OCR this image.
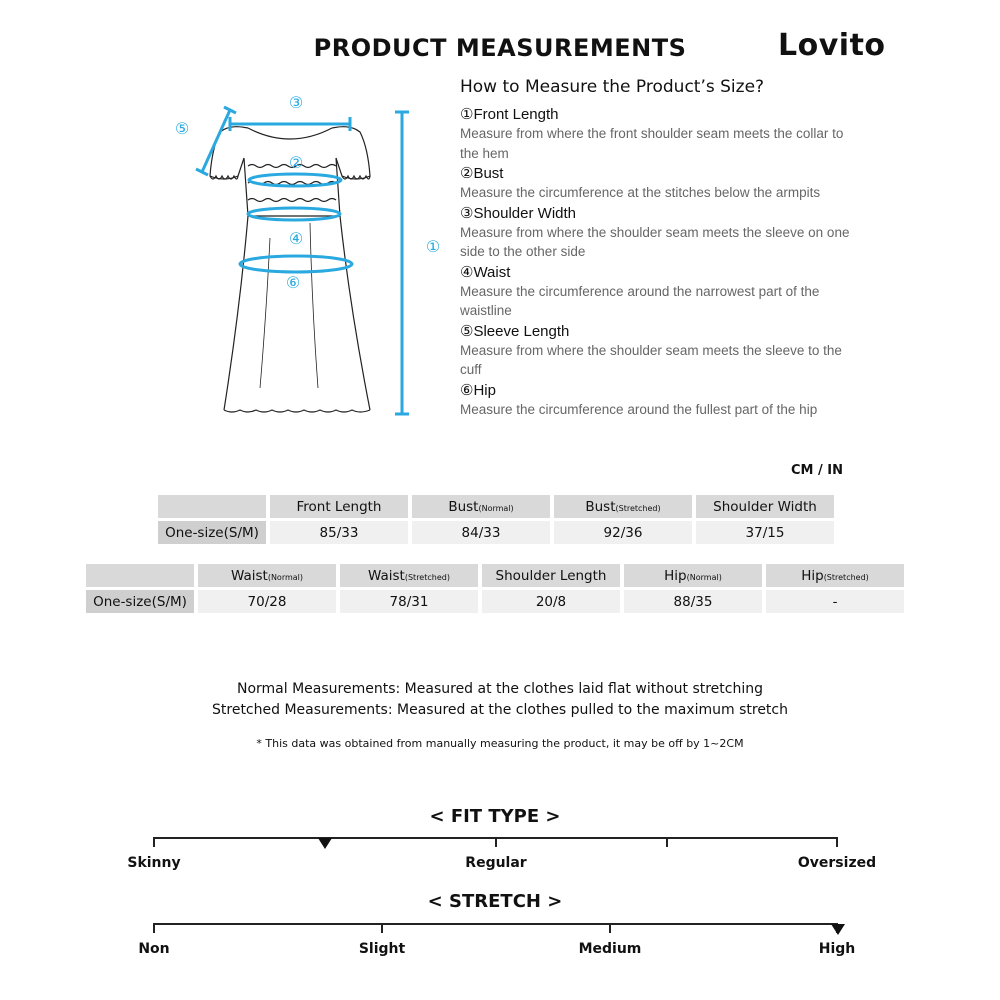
PRODUCT MEASUREMENTS	Lovito
③
⑤
②
④
⑥
①
How to Measure the Product’s Size?
①Front Length
Measure from where the front shoulder seam meets the collar to the hem
②Bust
Measure the circumference at the stitches below the armpits
③Shoulder Width
Measure from where the shoulder seam meets the sleeve on one side to the other side
④Waist
Measure the circumference around the narrowest part of the waistline
⑤Sleeve Length
Measure from where the shoulder seam meets the sleeve to the cuff
⑥Hip
Measure the circumference around the fullest part of the hip
CM / IN
	Front Length	Bust(Normal)	Bust(Stretched)	Shoulder Width
One-size(S/M)	85/33	84/33	92/36	37/15
	Waist(Normal)	Waist(Stretched)	Shoulder Length	Hip(Normal)	Hip(Stretched)
One-size(S/M)	70/28	78/31	20/8	88/35	-
Normal Measurements: Measured at the clothes laid flat without stretching
Stretched Measurements: Measured at the clothes pulled to the maximum stretch
* This data was obtained from manually measuring the product, it may be off by 1~2CM
< FIT TYPE >
Skinny	Regular	Oversized
< STRETCH >
Non	Slight	Medium	High
